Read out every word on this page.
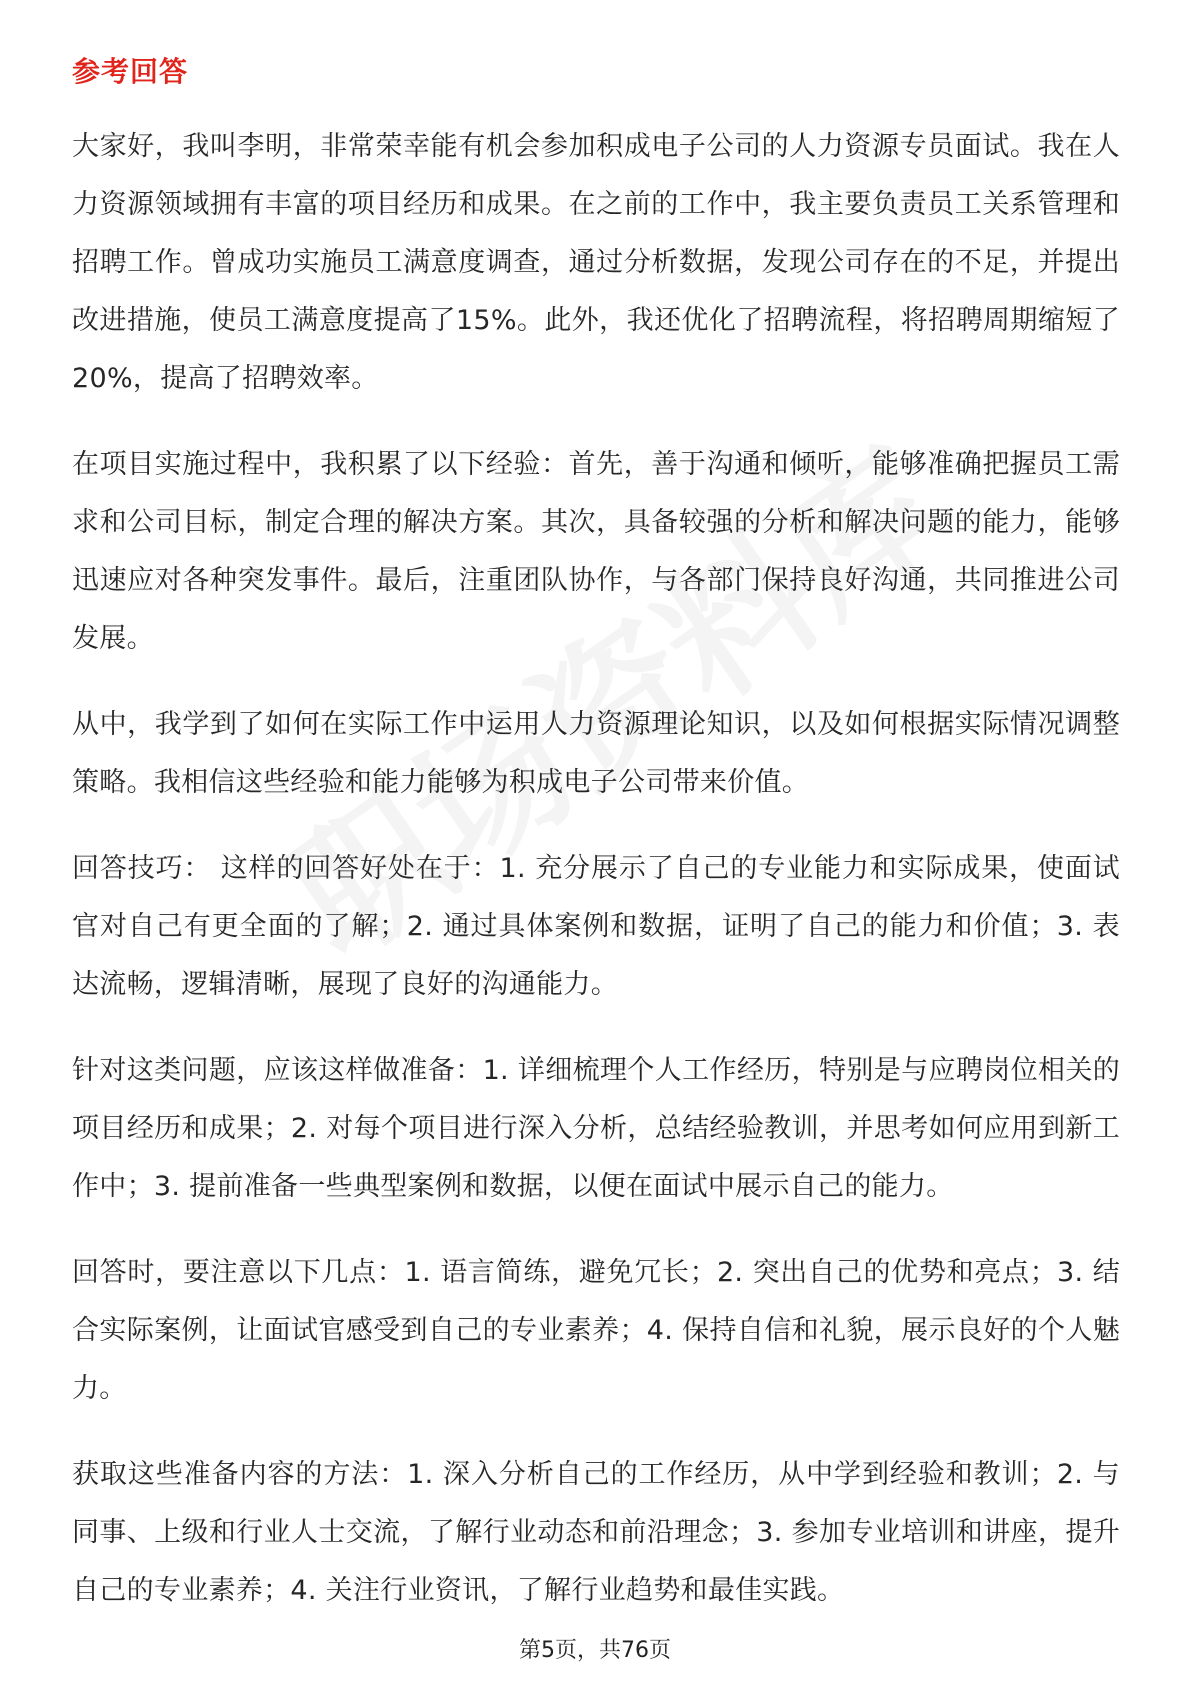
参考回答

大家好，我叫李明，非常荣幸能有机会参加积成电子公司的人力资源专员面试。我在人力资源领域拥有丰富的项目经历和成果。在之前的工作中，我主要负责员工关系管理和招聘工作。曾成功实施员工满意度调查，通过分析数据，发现公司存在的不足，并提出改进措施，使员工满意度提高了15%。此外，我还优化了招聘流程，将招聘周期缩短了20%，提高了招聘效率。

在项目实施过程中，我积累了以下经验：首先，善于沟通和倾听，能够准确把握员工需求和公司目标，制定合理的解决方案。其次，具备较强的分析和解决问题的能力，能够迅速应对各种突发事件。最后，注重团队协作，与各部门保持良好沟通，共同推进公司发展。

从中，我学到了如何在实际工作中运用人力资源理论知识，以及如何根据实际情况调整策略。我相信这些经验和能力能够为积成电子公司带来价值。

回答技巧： 这样的回答好处在于：1. 充分展示了自己的专业能力和实际成果，使面试官对自己有更全面的了解；2. 通过具体案例和数据，证明了自己的能力和价值；3. 表达流畅，逻辑清晰，展现了良好的沟通能力。

针对这类问题，应该这样做准备：1. 详细梳理个人工作经历，特别是与应聘岗位相关的项目经历和成果；2. 对每个项目进行深入分析，总结经验教训，并思考如何应用到新工作中；3. 提前准备一些典型案例和数据，以便在面试中展示自己的能力。

回答时，要注意以下几点：1. 语言简练，避免冗长；2. 突出自己的优势和亮点；3. 结合实际案例，让面试官感受到自己的专业素养；4. 保持自信和礼貌，展示良好的个人魅力。

获取这些准备内容的方法：1. 深入分析自己的工作经历，从中学到经验和教训；2. 与同事、上级和行业人士交流，了解行业动态和前沿理念；3. 参加专业培训和讲座，提升自己的专业素养；4. 关注行业资讯，了解行业趋势和最佳实践。

第5页，共76页
